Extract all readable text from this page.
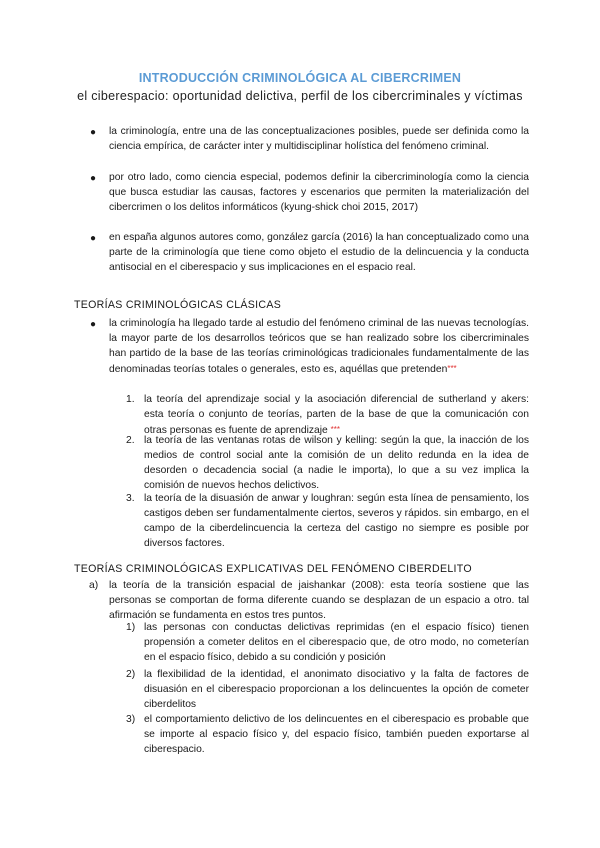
INTRODUCCIÓN CRIMINOLÓGICA AL CIBERCRIMEN
el ciberespacio: oportunidad delictiva, perfil de los cibercriminales y víctimas
● la criminología, entre una de las conceptualizaciones posibles, puede ser definida como la ciencia empírica, de carácter inter y multidisciplinar holística del fenómeno criminal.

● por otro lado, como ciencia especial, podemos definir la cibercriminología como la ciencia que busca estudiar las causas, factores y escenarios que permiten la materialización del cibercrimen o los delitos informáticos (kyung-shick choi 2015, 2017)

● en españa algunos autores como, gonzález garcía (2016) la han conceptualizado como una parte de la criminología que tiene como objeto el estudio de la delincuencia y la conducta antisocial en el ciberespacio y sus implicaciones en el espacio real.

TEORÍAS CRIMINOLÓGICAS CLÁSICAS
● la criminología ha llegado tarde al estudio del fenómeno criminal de las nuevas tecnologías. la mayor parte de los desarrollos teóricos que se han realizado sobre los cibercriminales han partido de la base de las teorías criminológicas tradicionales fundamentalmente de las denominadas teorías totales o generales, esto es, aquéllas que pretenden***

1. la teoría del aprendizaje social y la asociación diferencial de sutherland y akers: esta teoría o conjunto de teorías, parten de la base de que la comunicación con otras personas es fuente de aprendizaje ***

2. la teoría de las ventanas rotas de wilson y kelling: según la que, la inacción de los medios de control social ante la comisión de un delito redunda en la idea de desorden o decadencia social (a nadie le importa), lo que a su vez implica la comisión de nuevos hechos delictivos.

3. la teoría de la disuasión de anwar y loughran: según esta línea de pensamiento, los castigos deben ser fundamentalmente ciertos, severos y rápidos. sin embargo, en el campo de la ciberdelincuencia la certeza del castigo no siempre es posible por diversos factores.

TEORÍAS CRIMINOLÓGICAS EXPLICATIVAS DEL FENÓMENO CIBERDELITO
a) la teoría de la transición espacial de jaishankar (2008): esta teoría sostiene que las personas se comportan de forma diferente cuando se desplazan de un espacio a otro. tal afirmación se fundamenta en estos tres puntos.

1) las personas con conductas delictivas reprimidas (en el espacio físico) tienen propensión a cometer delitos en el ciberespacio que, de otro modo, no cometerían en el espacio físico, debido a su condición y posición

2) la flexibilidad de la identidad, el anonimato disociativo y la falta de factores de disuasión en el ciberespacio proporcionan a los delincuentes la opción de cometer ciberdelitos

3) el comportamiento delictivo de los delincuentes en el ciberespacio es probable que se importe al espacio físico y, del espacio físico, también pueden exportarse al ciberespacio.
